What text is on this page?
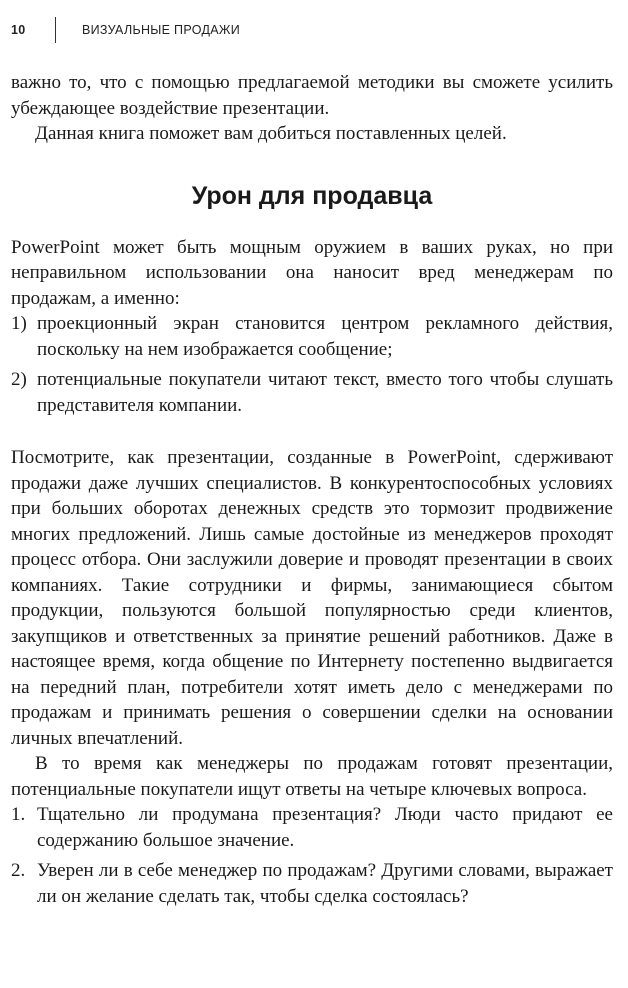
10	ВИЗУАЛЬНЫЕ ПРОДАЖИ

важно то, что с помощью предлагаемой методики вы сможете усилить убеждающее воздействие презентации.

Данная книга поможет вам добиться поставленных целей.

Урон для продавца

PowerPoint может быть мощным оружием в ваших руках, но при неправильном использовании она наносит вред менеджерам по продажам, а именно:

1) проекционный экран становится центром рекламного действия, поскольку на нем изображается сообщение;
2) потенциальные покупатели читают текст, вместо того чтобы слушать представителя компании.

Посмотрите, как презентации, созданные в PowerPoint, сдерживают продажи даже лучших специалистов. В конкурентоспособных условиях при больших оборотах денежных средств это тормозит продвижение многих предложений. Лишь самые достойные из менеджеров проходят процесс отбора. Они заслужили доверие и проводят презентации в своих компаниях. Такие сотрудники и фирмы, занимающиеся сбытом продукции, пользуются большой популярностью среди клиентов, закупщиков и ответственных за принятие решений работников. Даже в настоящее время, когда общение по Интернету постепенно выдвигается на передний план, потребители хотят иметь дело с менеджерами по продажам и принимать решения о совершении сделки на основании личных впечатлений.

В то время как менеджеры по продажам готовят презентации, потенциальные покупатели ищут ответы на четыре ключевых вопроса.

1. Тщательно ли продумана презентация? Люди часто придают ее содержанию большое значение.
2. Уверен ли в себе менеджер по продажам? Другими словами, выражает ли он желание сделать так, чтобы сделка состоялась?
